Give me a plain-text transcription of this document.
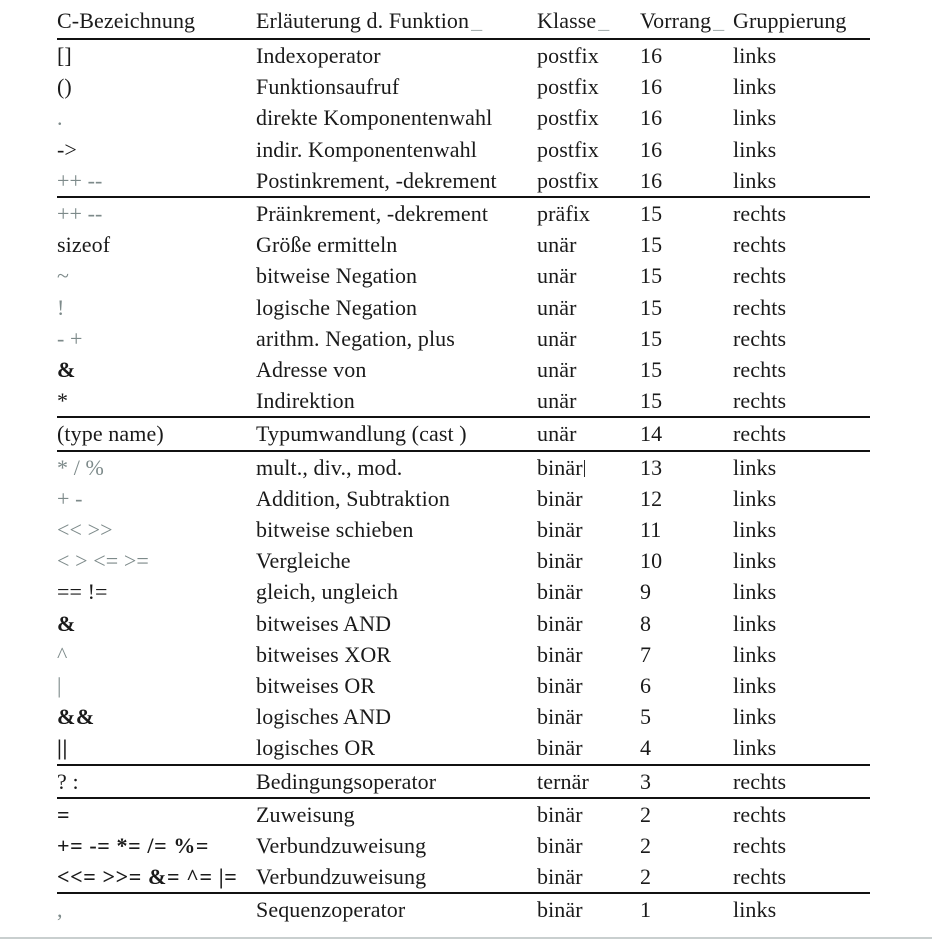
C-Bezeichnung	Erläuterung d. Funktion_	Klasse_	Vorrang_	Gruppierung
[]	Indexoperator	postfix	16	links
()	Funktionsaufruf	postfix	16	links
.	direkte Komponentenwahl	postfix	16	links
->	indir. Komponentenwahl	postfix	16	links
++ --	Postinkrement, -dekrement	postfix	16	links
++ --	Präinkrement, -dekrement	präfix	15	rechts
sizeof	Größe ermitteln	unär	15	rechts
~	bitweise Negation	unär	15	rechts
!	logische Negation	unär	15	rechts
- +	arithm. Negation, plus	unär	15	rechts
&	Adresse von	unär	15	rechts
*	Indirektion	unär	15	rechts
(type name)	Typumwandlung (cast )	unär	14	rechts
* / %	mult., div., mod.	binär	13	links
+ -	Addition, Subtraktion	binär	12	links
<< >>	bitweise schieben	binär	11	links
< > <= >=	Vergleiche	binär	10	links
== !=	gleich, ungleich	binär	9	links
&	bitweises AND	binär	8	links
^	bitweises XOR	binär	7	links
|	bitweises OR	binär	6	links
&&	logisches AND	binär	5	links
||	logisches OR	binär	4	links
? :	Bedingungsoperator	ternär	3	rechts
=	Zuweisung	binär	2	rechts
+= -= *= /= %=	Verbundzuweisung	binär	2	rechts
<<= >>= &= ^= |=	Verbundzuweisung	binär	2	rechts
,	Sequenzoperator	binär	1	links
